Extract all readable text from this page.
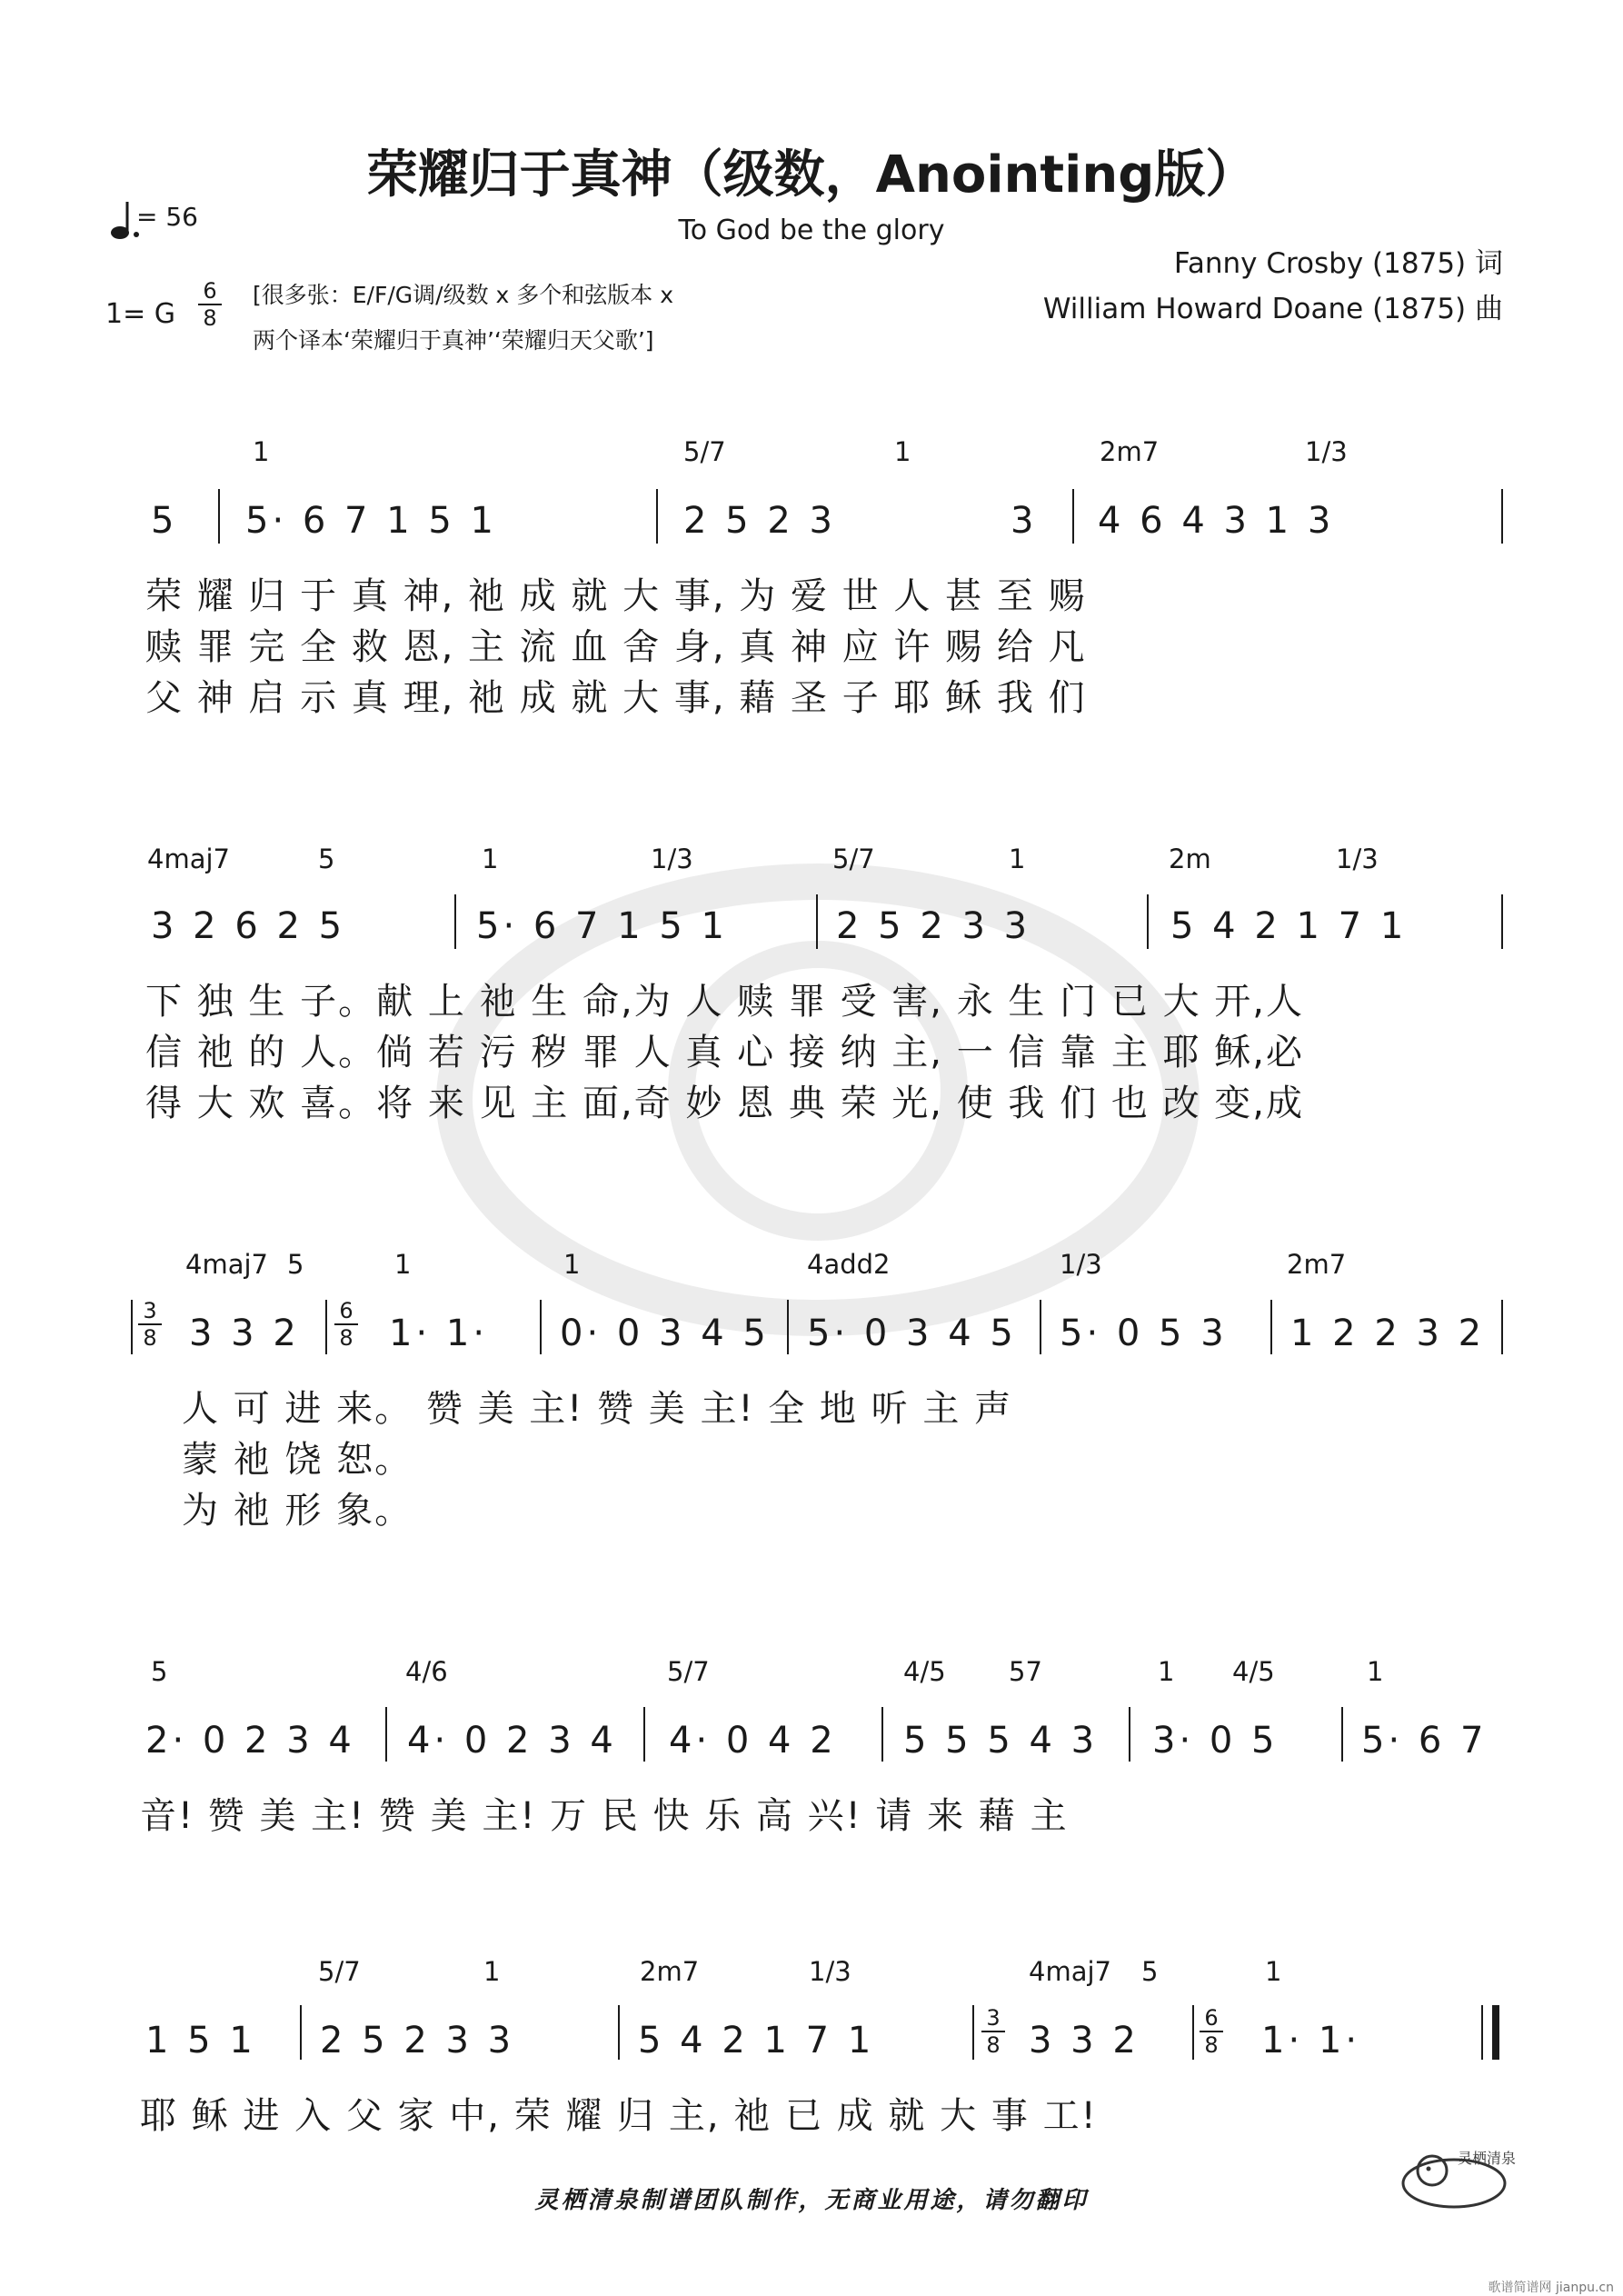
荣耀归于真神（级数，Anointing版）
= 56	To God be the glory
1= G
6
8
[很多张：E/F/G调/级数 x 多个和弦版本 x
两个译本‘荣耀归于真神’‘荣耀归天父歌’]
Fanny Crosby (1875) 词
William Howard Doane (1875) 曲
1	5/7	1	2m7	1/3
5 5· 6 7 1 5 1	2 5 2 3	3 4 6 4 3 1 3
荣 耀 归 于 真 神, 祂 成 就 大 事, 为 爱 世 人 甚 至 赐
赎 罪 完 全 救 恩, 主 流 血 舍 身, 真 神 应 许 赐 给 凡
父 神 启 示 真 理, 祂 成 就 大 事, 藉 圣 子 耶 稣 我 们
4maj7	5	1	1/3	5/7	1	2m	1/3
3 2 6 2 5	5· 6 7 1 5 1	2 5 2 3 3	5 4 2 1 7 1
下 独 生 子。献 上 祂 生 命,为 人 赎 罪 受 害, 永 生 门 已 大 开,人
信 祂 的 人。倘 若 污 秽 罪 人 真 心 接 纳 主, 一 信 靠 主 耶 稣,必
得 大 欢 喜。将 来 见 主 面,奇 妙 恩 典 荣 光, 使 我 们 也 改 变,成
4maj7 5	1	1	4add2	1/3	2m7
3
8
6
8
3 3 2 1· 1· 0· 0 3 4 5 5· 0 3 4 5 5· 0 5 3 1 2 2 3 2
人 可 进 来。 赞 美 主! 赞 美 主! 全 地 听 主 声
蒙 祂 饶 恕。
为 祂 形 象。
5	4/6	5/7	4/5 57	1 4/5	1
2· 0 2 3 4 4· 0 2 3 4 4· 0 4 2 5 5 5 4 3 3· 0 5 5· 6 7
音! 赞 美 主! 赞 美 主! 万 民 快 乐 高 兴! 请 来 藉 主
5/7	1	2m7	1/3	4maj7 5	1
3
8
6
8
1 5 1 2 5 2 3 3	5 4 2 1 7 1	3 3 2	1· 1·
耶 稣 进 入 父 家 中, 荣 耀 归 主, 祂 已 成 就 大 事 工!
灵栖清泉制谱团队制作，无商业用途，请勿翻印
灵栖清泉
歌谱简谱网 jianpu.cn
